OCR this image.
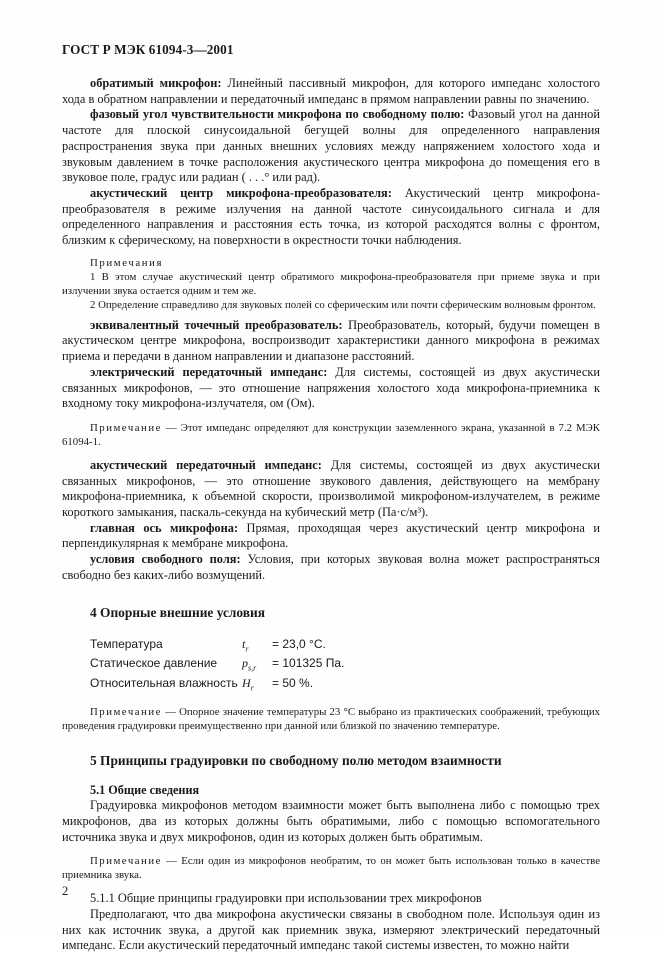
ГОСТ Р МЭК 61094-3—2001

обратимый микрофон: Линейный пассивный микрофон, для которого импеданс холостого хода в обратном направлении и передаточный импеданс в прямом направлении равны по значению.

фазовый угол чувствительности микрофона по свободному полю: Фазовый угол на данной частоте для плоской синусоидальной бегущей волны для определенного направления распространения звука при данных внешних условиях между напряжением холостого хода и звуковым давлением в точке расположения акустического центра микрофона до помещения его в звуковое поле, градус или радиан ( . . .° или рад).

акустический центр микрофона-преобразователя: Акустический центр микрофона-преобразователя в режиме излучения на данной частоте синусоидального сигнала и для определенного направления и расстояния есть точка, из которой расходятся волны с фронтом, близким к сферическому, на поверхности в окрестности точки наблюдения.

Примечания

1 В этом случае акустический центр обратимого микрофона-преобразователя при приеме звука и при излучении звука остается одним и тем же.

2 Определение справедливо для звуковых полей со сферическим или почти сферическим волновым фронтом.

эквивалентный точечный преобразователь: Преобразователь, который, будучи помещен в акустическом центре микрофона, воспроизводит характеристики данного микрофона в режимах приема и передачи в данном направлении и диапазоне расстояний.

электрический передаточный импеданс: Для системы, состоящей из двух акустически связанных микрофонов, — это отношение напряжения холостого хода микрофона-приемника к входному току микрофона-излучателя, ом (Ом).

Примечание — Этот импеданс определяют для конструкции заземленного экрана, указанной в 7.2 МЭК 61094-1.

акустический передаточный импеданс: Для системы, состоящей из двух акустически связанных микрофонов, — это отношение звукового давления, действующего на мембрану микрофона-приемника, к объемной скорости, произволимой микрофоном-излучателем, в режиме короткого замыкания, паскаль-секунда на кубический метр (Па·с/м³).

главная ось микрофона: Прямая, проходящая через акустический центр микрофона и перпендикулярная к мембране микрофона.

условия свободного поля: Условия, при которых звуковая волна может распространяться свободно без каких-либо возмущений.

4 Опорные внешние условия

Температура	$t_r$	= 23,0 °C.
Статическое давление	$p_{s,r}$	= 101325 Па.
Относительная влажность	$H_r$	= 50 %.

Примечание — Опорное значение температуры 23 °С выбрано из практических соображений, требующих проведения градуировки преимущественно при данной или близкой по значению температуре.

5 Принципы градуировки по свободному полю методом взаимности

5.1 Общие сведения

Градуировка микрофонов методом взаимности может быть выполнена либо с помощью трех микрофонов, два из которых должны быть обратимыми, либо с помощью вспомогательного источника звука и двух микрофонов, один из которых должен быть обратимым.

Примечание — Если один из микрофонов необратим, то он может быть использован только в качестве приемника звука.

5.1.1 Общие принципы градуировки при использовании трех микрофонов

Предполагают, что два микрофона акустически связаны в свободном поле. Используя один из них как источник звука, а другой как приемник звука, измеряют электрический передаточный импеданс. Если акустический передаточный импеданс такой системы известен, то можно найти

2
